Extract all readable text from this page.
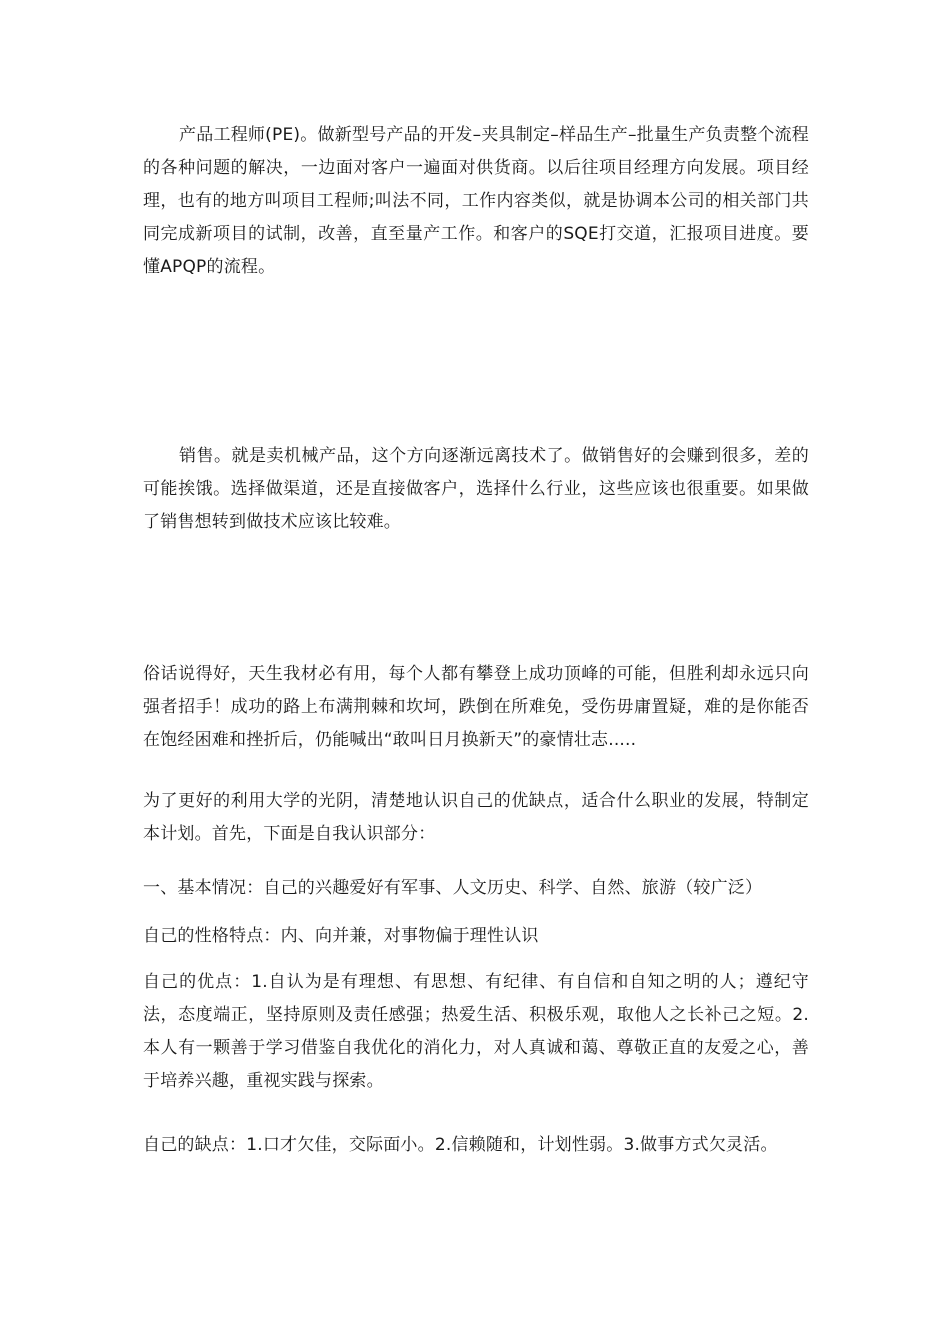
产品工程师(PE)。做新型号产品的开发–夹具制定–样品生产–批量生产负责整个流程的各种问题的解决，一边面对客户一遍面对供货商。以后往项目经理方向发展。项目经理，也有的地方叫项目工程师;叫法不同，工作内容类似，就是协调本公司的相关部门共同完成新项目的试制，改善，直至量产工作。和客户的SQE打交道，汇报项目进度。要懂APQP的流程。

销售。就是卖机械产品，这个方向逐渐远离技术了。做销售好的会赚到很多，差的可能挨饿。选择做渠道，还是直接做客户，选择什么行业，这些应该也很重要。如果做了销售想转到做技术应该比较难。

俗话说得好，天生我材必有用，每个人都有攀登上成功顶峰的可能，但胜利却永远只向强者招手！成功的路上布满荆棘和坎坷，跌倒在所难免，受伤毋庸置疑，难的是你能否在饱经困难和挫折后，仍能喊出“敢叫日月换新天”的豪情壮志.....

为了更好的利用大学的光阴，清楚地认识自己的优缺点，适合什么职业的发展，特制定本计划。首先，下面是自我认识部分：

一、基本情况：自己的兴趣爱好有军事、人文历史、科学、自然、旅游（较广泛）

自己的性格特点：内、向并兼，对事物偏于理性认识

自己的优点：1.自认为是有理想、有思想、有纪律、有自信和自知之明的人；遵纪守法，态度端正，坚持原则及责任感强；热爱生活、积极乐观，取他人之长补己之短。2.本人有一颗善于学习借鉴自我优化的消化力，对人真诚和蔼、尊敬正直的友爱之心，善于培养兴趣，重视实践与探索。

自己的缺点：1.口才欠佳，交际面小。2.信赖随和，计划性弱。3.做事方式欠灵活。
